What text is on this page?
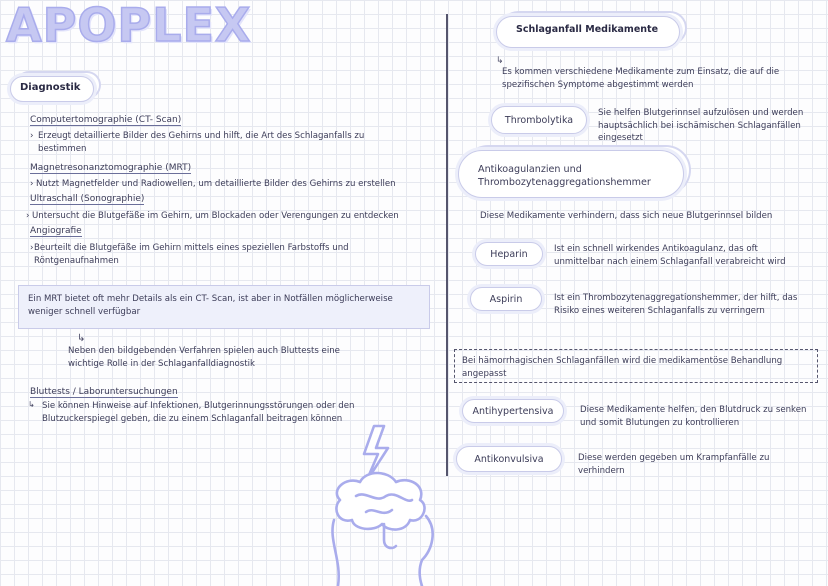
APOPLEX
Diagnostik
Computertomographie (CT- Scan)
› Erzeugt detaillierte Bilder des Gehirns und hilft, die Art des Schlaganfalls zu bestimmen
Magnetresonanztomographie (MRT)
› Nutzt Magnetfelder und Radiowellen, um detaillierte Bilder des Gehirns zu erstellen
Ultraschall (Sonographie)
› Untersucht die Blutgefäße im Gehirn, um Blockaden oder Verengungen zu entdecken
Angiografie
› Beurteilt die Blutgefäße im Gehirn mittels eines speziellen Farbstoffs und Röntgenaufnahmen
Ein MRT bietet oft mehr Details als ein CT- Scan, ist aber in Notfällen möglicherweise weniger schnell verfügbar
↳
Neben den bildgebenden Verfahren spielen auch Bluttests eine wichtige Rolle in der Schlaganfalldiagnostik
Bluttests / Laboruntersuchungen
↳ Sie können Hinweise auf Infektionen, Blutgerinnungsstörungen oder den Blutzuckerspiegel geben, die zu einem Schlaganfall beitragen können
Schlaganfall Medikamente
↳
Es kommen verschiedene Medikamente zum Einsatz, die auf die spezifischen Symptome abgestimmt werden
Thrombolytika
Sie helfen Blutgerinnsel aufzulösen und werden hauptsächlich bei ischämischen Schlaganfällen eingesetzt
Antikoagulanzien und Thrombozytenaggregationshemmer
Diese Medikamente verhindern, dass sich neue Blutgerinnsel bilden
Heparin	Ist ein schnell wirkendes Antikoagulanz, das oft unmittelbar nach einem Schlaganfall verabreicht wird
Aspirin	Ist ein Thrombozytenaggregationshemmer, der hilft, das Risiko eines weiteren Schlaganfalls zu verringern
Bei hämorrhagischen Schlaganfällen wird die medikamentöse Behandlung angepasst
Antihypertensiva	Diese Medikamente helfen, den Blutdruck zu senken und somit Blutungen zu kontrollieren
Antikonvulsiva	Diese werden gegeben um Krampfanfälle zu verhindern
